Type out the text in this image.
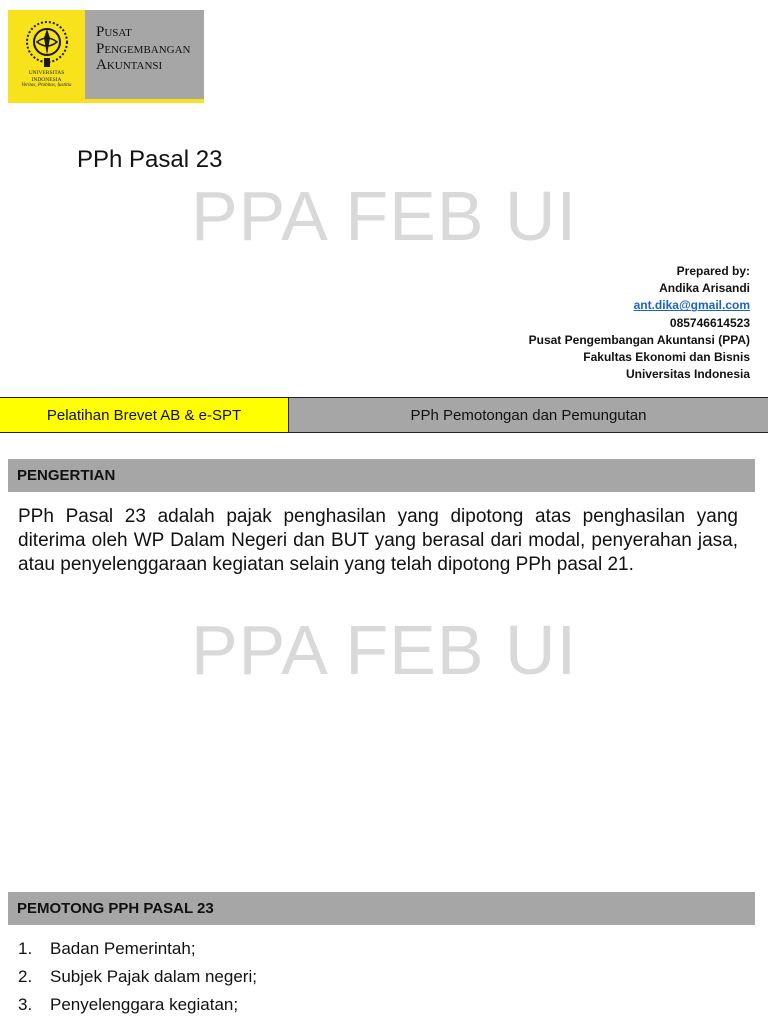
UNIVERSITAS
INDONESIA
Veritas, Probitas, Iustitia
Pusat
Pengembangan
Akuntansi
PPh Pasal 23
PPA FEB UI
Prepared by:
Andika Arisandi
ant.dika@gmail.com
085746614523
Pusat Pengembangan Akuntansi (PPA)
Fakultas Ekonomi dan Bisnis
Universitas Indonesia
Pelatihan Brevet AB & e-SPT	PPh Pemotongan dan Pemungutan
PENGERTIAN

PPh Pasal 23 adalah pajak penghasilan yang dipotong atas penghasilan yang diterima oleh WP Dalam Negeri dan BUT yang berasal dari modal, penyerahan jasa, atau penyelenggaraan kegiatan selain yang telah dipotong PPh pasal 21.

PPA FEB UI
PEMOTONG PPH PASAL 23
1.	Badan Pemerintah;
2.	Subjek Pajak dalam negeri;
3.	Penyelenggara kegiatan;
